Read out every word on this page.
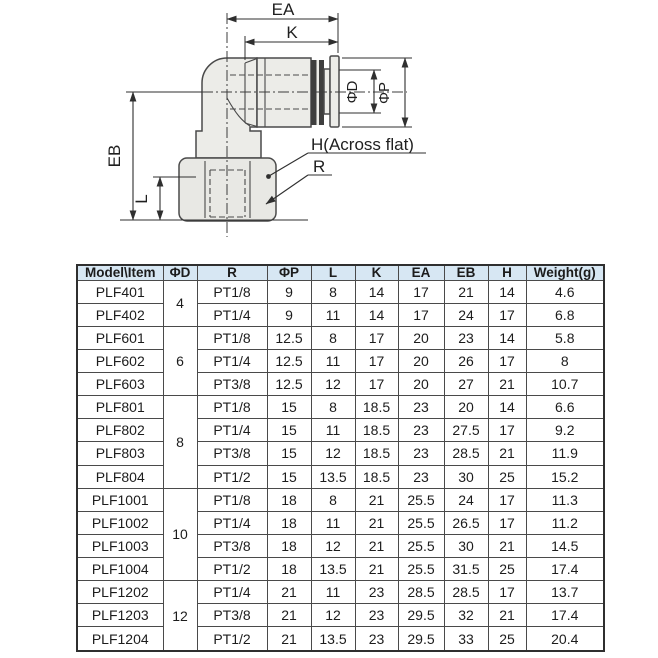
EA
K
ΦD ΦP
EB
L
H(Across flat)
R
Model\Item	ΦD	R	ΦP	L	K	EA	EB	H	Weight(g)
PLF401	4	PT1/8	9	8	14	17	21	14	4.6
PLF402		PT1/4	9	11	14	17	24	17	6.8
PLF601	6	PT1/8	12.5	8	17	20	23	14	5.8
PLF602		PT1/4	12.5	11	17	20	26	17	8
PLF603		PT3/8	12.5	12	17	20	27	21	10.7
PLF801	8	PT1/8	15	8	18.5	23	20	14	6.6
PLF802		PT1/4	15	11	18.5	23	27.5	17	9.2
PLF803		PT3/8	15	12	18.5	23	28.5	21	11.9
PLF804		PT1/2	15	13.5	18.5	23	30	25	15.2
PLF1001	10	PT1/8	18	8	21	25.5	24	17	11.3
PLF1002		PT1/4	18	11	21	25.5	26.5	17	11.2
PLF1003		PT3/8	18	12	21	25.5	30	21	14.5
PLF1004		PT1/2	18	13.5	21	25.5	31.5	25	17.4
PLF1202	12	PT1/4	21	11	23	28.5	28.5	17	13.7
PLF1203		PT3/8	21	12	23	29.5	32	21	17.4
PLF1204		PT1/2	21	13.5	23	29.5	33	25	20.4
